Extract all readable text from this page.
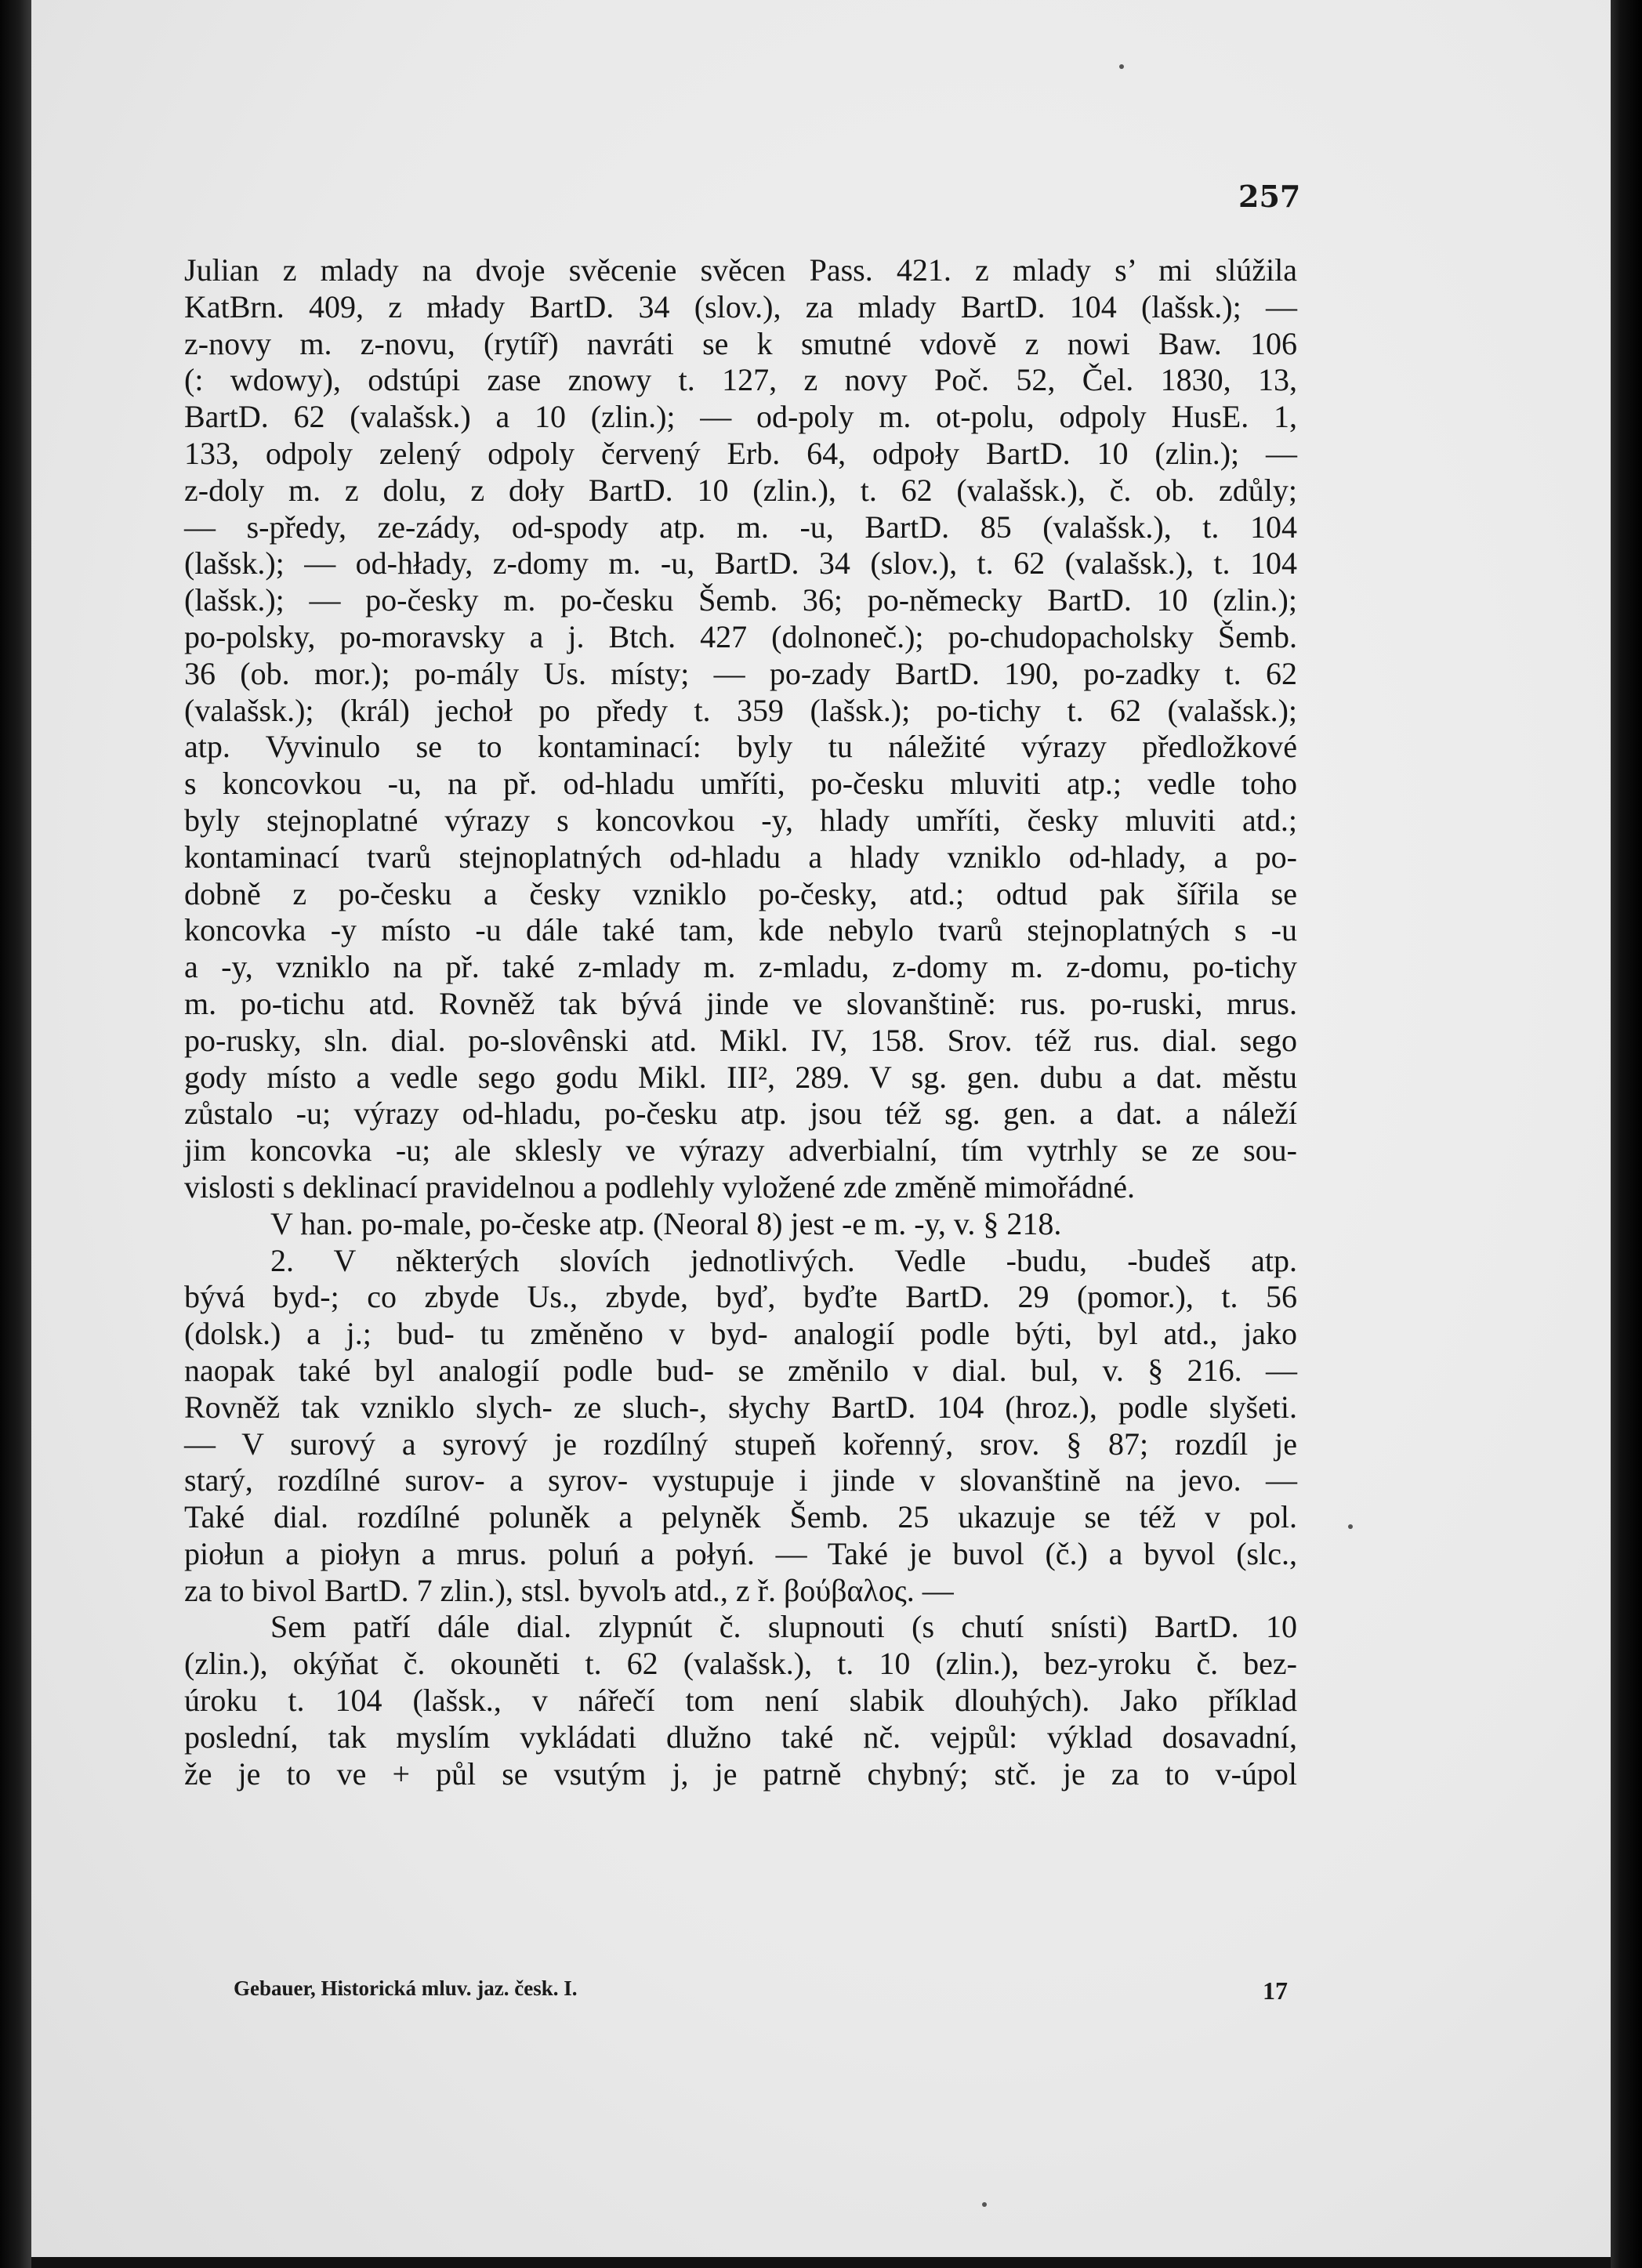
257
Julian z mlady na dvoje svěcenie svěcen Pass. 421. z mlady s’ mi slúžila
KatBrn. 409, z młady BartD. 34 (slov.), za mlady BartD. 104 (lašsk.); —
z-novy m. z-novu, (rytíř) navráti se k smutné vdově z nowi Baw. 106
(: wdowy), odstúpi zase znowy t. 127, z novy Poč. 52, Čel. 1830, 13,
BartD. 62 (valašsk.) a 10 (zlin.); — od-poly m. ot-polu, odpoly HusE. 1,
133, odpoly zelený odpoly červený Erb. 64, odpoły BartD. 10 (zlin.); —
z-doly m. z dolu, z doły BartD. 10 (zlin.), t. 62 (valašsk.), č. ob. zdůly;
— s-předy, ze-zády, od-spody atp. m. -u, BartD. 85 (valašsk.), t. 104
(lašsk.); — od-hłady, z-domy m. -u, BartD. 34 (slov.), t. 62 (valašsk.), t. 104
(lašsk.); — po-česky m. po-česku Šemb. 36; po-německy BartD. 10 (zlin.);
po-polsky, po-moravsky a j. Btch. 427 (dolnoneč.); po-chudopacholsky Šemb.
36 (ob. mor.); po-mály Us. místy; — po-zady BartD. 190, po-zadky t. 62
(valašsk.); (král) jechoł po předy t. 359 (lašsk.); po-tichy t. 62 (valašsk.);
atp. Vyvinulo se to kontaminací: byly tu náležité výrazy předložkové
s koncovkou -u, na př. od-hladu umříti, po-česku mluviti atp.; vedle toho
byly stejnoplatné výrazy s koncovkou -y, hlady umříti, česky mluviti atd.;
kontaminací tvarů stejnoplatných od-hladu a hlady vzniklo od-hlady, a po-
dobně z po-česku a česky vzniklo po-česky, atd.; odtud pak šířila se
koncovka -y místo -u dále také tam, kde nebylo tvarů stejnoplatných s -u
a -y, vzniklo na př. také z-mlady m. z-mladu, z-domy m. z-domu, po-tichy
m. po-tichu atd. Rovněž tak bývá jinde ve slovanštině: rus. po-ruski, mrus.
po-rusky, sln. dial. po-slovênski atd. Mikl. IV, 158. Srov. též rus. dial. sego
gody místo a vedle sego godu Mikl. III², 289. V sg. gen. dubu a dat. městu
zůstalo -u; výrazy od-hladu, po-česku atp. jsou též sg. gen. a dat. a náleží
jim koncovka -u; ale sklesly ve výrazy adverbialní, tím vytrhly se ze sou-
vislosti s deklinací pravidelnou a podlehly vyložené zde změně mimořádné.
V han. po-male, po-česke atp. (Neoral 8) jest -e m. -y, v. § 218.
2. V některých slovích jednotlivých. Vedle -budu, -budeš atp.
bývá byd-; co zbyde Us., zbyde, byď, byďte BartD. 29 (pomor.), t. 56
(dolsk.) a j.; bud- tu změněno v byd- analogií podle býti, byl atd., jako
naopak také byl analogií podle bud- se změnilo v dial. bul, v. § 216. —
Rovněž tak vzniklo slych- ze sluch-, słychy BartD. 104 (hroz.), podle slyšeti.
— V surový a syrový je rozdílný stupeň kořenný, srov. § 87; rozdíl je
starý, rozdílné surov- a syrov- vystupuje i jinde v slovanštině na jevo. —
Také dial. rozdílné poluněk a pelyněk Šemb. 25 ukazuje se též v pol.
piołun a piołyn a mrus. poluń a połyń. — Také je buvol (č.) a byvol (slc.,
za to bivol BartD. 7 zlin.), stsl. byvolъ atd., z ř. βούβαλος. —
Sem patří dále dial. zlypnút č. slupnouti (s chutí snísti) BartD. 10
(zlin.), okýňat č. okouněti t. 62 (valašsk.), t. 10 (zlin.), bez-yroku č. bez-
úroku t. 104 (lašsk., v nářečí tom není slabik dlouhých). Jako příklad
poslední, tak myslím vykládati dlužno také nč. vejpůl: výklad dosavadní,
že je to ve + půl se vsutým j, je patrně chybný; stč. je za to v-úpol
Gebauer, Historická mluv. jaz. česk. I.	17
